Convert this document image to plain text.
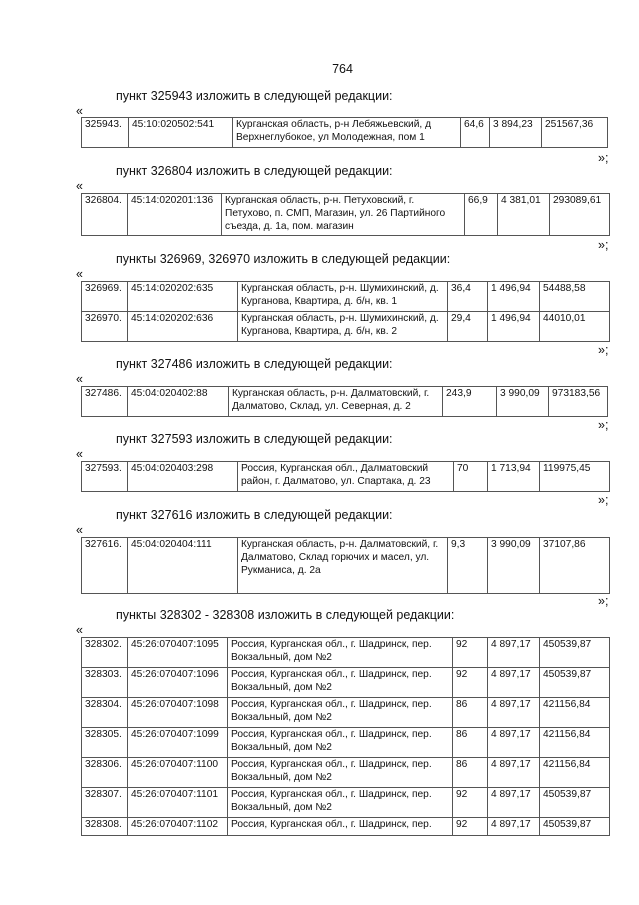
764
пункт 325943 изложить в следующей редакции:
«
325943.	45:10:020502:541	Курганская область, р-н Лебяжьевский, д Верхнеглубокое, ул Молодежная, пом 1	64,6	3 894,23	251567,36
»;
пункт 326804 изложить в следующей редакции:
«
326804.	45:14:020201:136	Курганская область, р-н. Петуховский, г. Петухово, п. СМП, Магазин, ул. 26 Партийного съезда, д. 1а, пом. магазин	66,9	4 381,01	293089,61
»;
пункты 326969, 326970 изложить в следующей редакции:
«
326969.	45:14:020202:635	Курганская область, р-н. Шумихинский, д. Курганова, Квартира, д. б/н, кв. 1	36,4	1 496,94	54488,58
326970.	45:14:020202:636	Курганская область, р-н. Шумихинский, д. Курганова, Квартира, д. б/н, кв. 2	29,4	1 496,94	44010,01
»;
пункт 327486 изложить в следующей редакции:
«
327486.	45:04:020402:88	Курганская область, р-н. Далматовский, г. Далматово, Склад, ул. Северная, д. 2	243,9	3 990,09	973183,56
»;
пункт 327593 изложить в следующей редакции:
«
327593.	45:04:020403:298	Россия, Курганская обл., Далматовский район, г. Далматово, ул. Спартака, д. 23	70	1 713,94	119975,45
»;
пункт 327616 изложить в следующей редакции:
«
327616.	45:04:020404:111	Курганская область, р-н. Далматовский, г. Далматово, Склад горючих и масел, ул. Рукманиса, д. 2а	9,3	3 990,09	37107,86
»;
пункты 328302 - 328308 изложить в следующей редакции:
«
328302.	45:26:070407:1095	Россия, Курганская обл., г. Шадринск, пер. Вокзальный, дом №2	92	4 897,17	450539,87
328303.	45:26:070407:1096	Россия, Курганская обл., г. Шадринск, пер. Вокзальный, дом №2	92	4 897,17	450539,87
328304.	45:26:070407:1098	Россия, Курганская обл., г. Шадринск, пер. Вокзальный, дом №2	86	4 897,17	421156,84
328305.	45:26:070407:1099	Россия, Курганская обл., г. Шадринск, пер. Вокзальный, дом №2	86	4 897,17	421156,84
328306.	45:26:070407:1100	Россия, Курганская обл., г. Шадринск, пер. Вокзальный, дом №2	86	4 897,17	421156,84
328307.	45:26:070407:1101	Россия, Курганская обл., г. Шадринск, пер. Вокзальный, дом №2	92	4 897,17	450539,87
328308.	45:26:070407:1102	Россия, Курганская обл., г. Шадринск, пер.	92	4 897,17	450539,87
